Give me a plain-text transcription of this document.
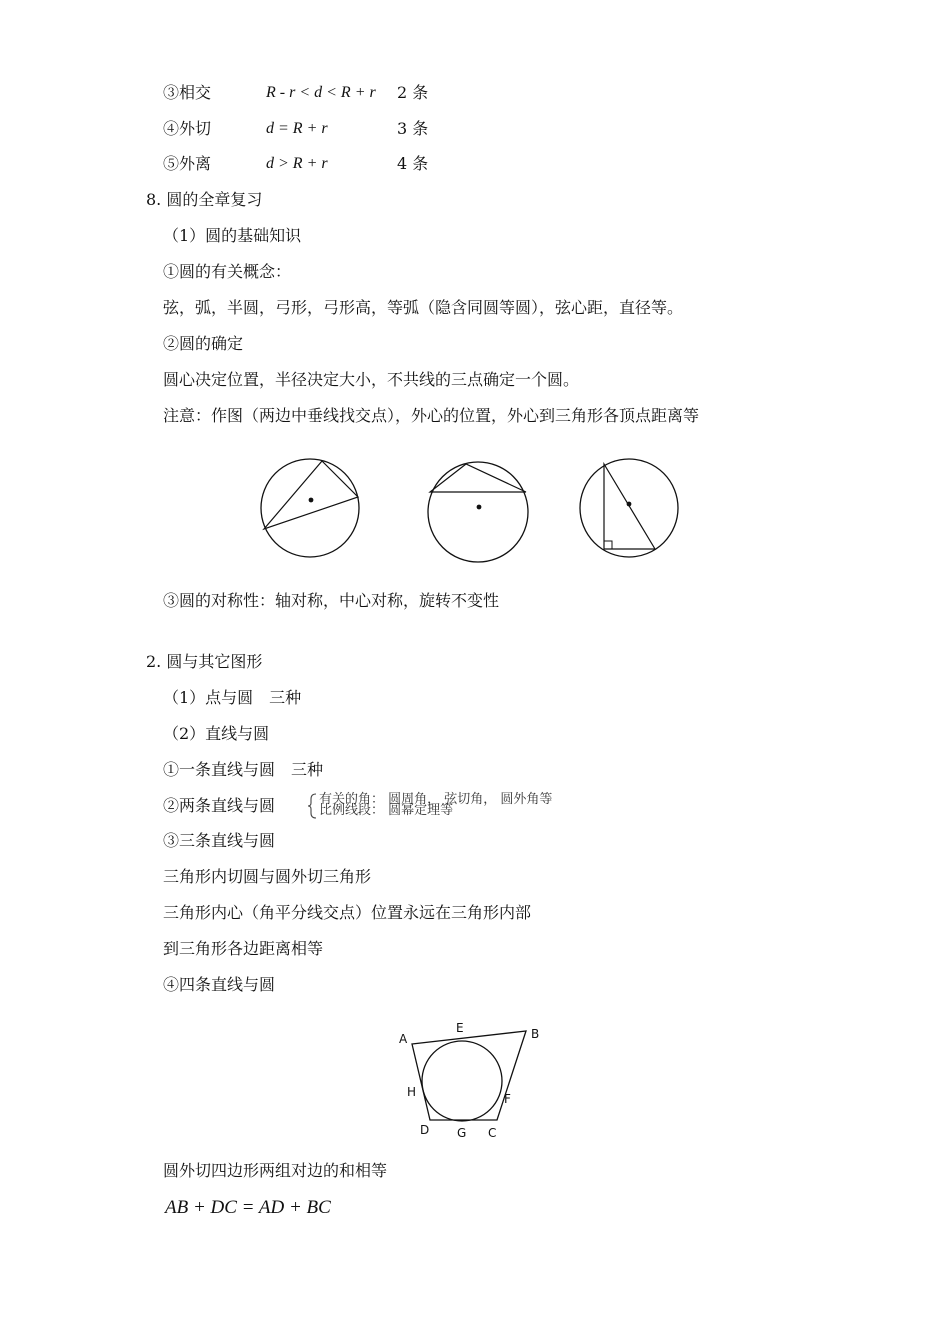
③相交	R - r < d < R + r 2 条
④外切	d = R + r	3 条
⑤外离	d > R + r	4 条
8. 圆的全章复习
（1）圆的基础知识
①圆的有关概念：
弦，弧，半圆，弓形，弓形高，等弧（隐含同圆等圆），弦心距，直径等。
②圆的确定
圆心决定位置，半径决定大小，不共线的三点确定一个圆。
注意：作图（两边中垂线找交点），外心的位置，外心到三角形各顶点距离等
③圆的对称性：轴对称，中心对称，旋转不变性
2. 圆与其它图形
（1）点与圆　三种
（2）直线与圆
①一条直线与圆　三种
②两条直线与圆	有关的角： 圆周角， 弦切角， 圆外角等
比例线段： 圆幂定理等
③三条直线与圆
三角形内切圆与圆外切三角形
三角形内心（角平分线交点）位置永远在三角形内部
到三角形各边距离相等
④四条直线与圆
A
E	B
H	F
D G C
圆外切四边形两组对边的和相等
AB + DC = AD + BC
